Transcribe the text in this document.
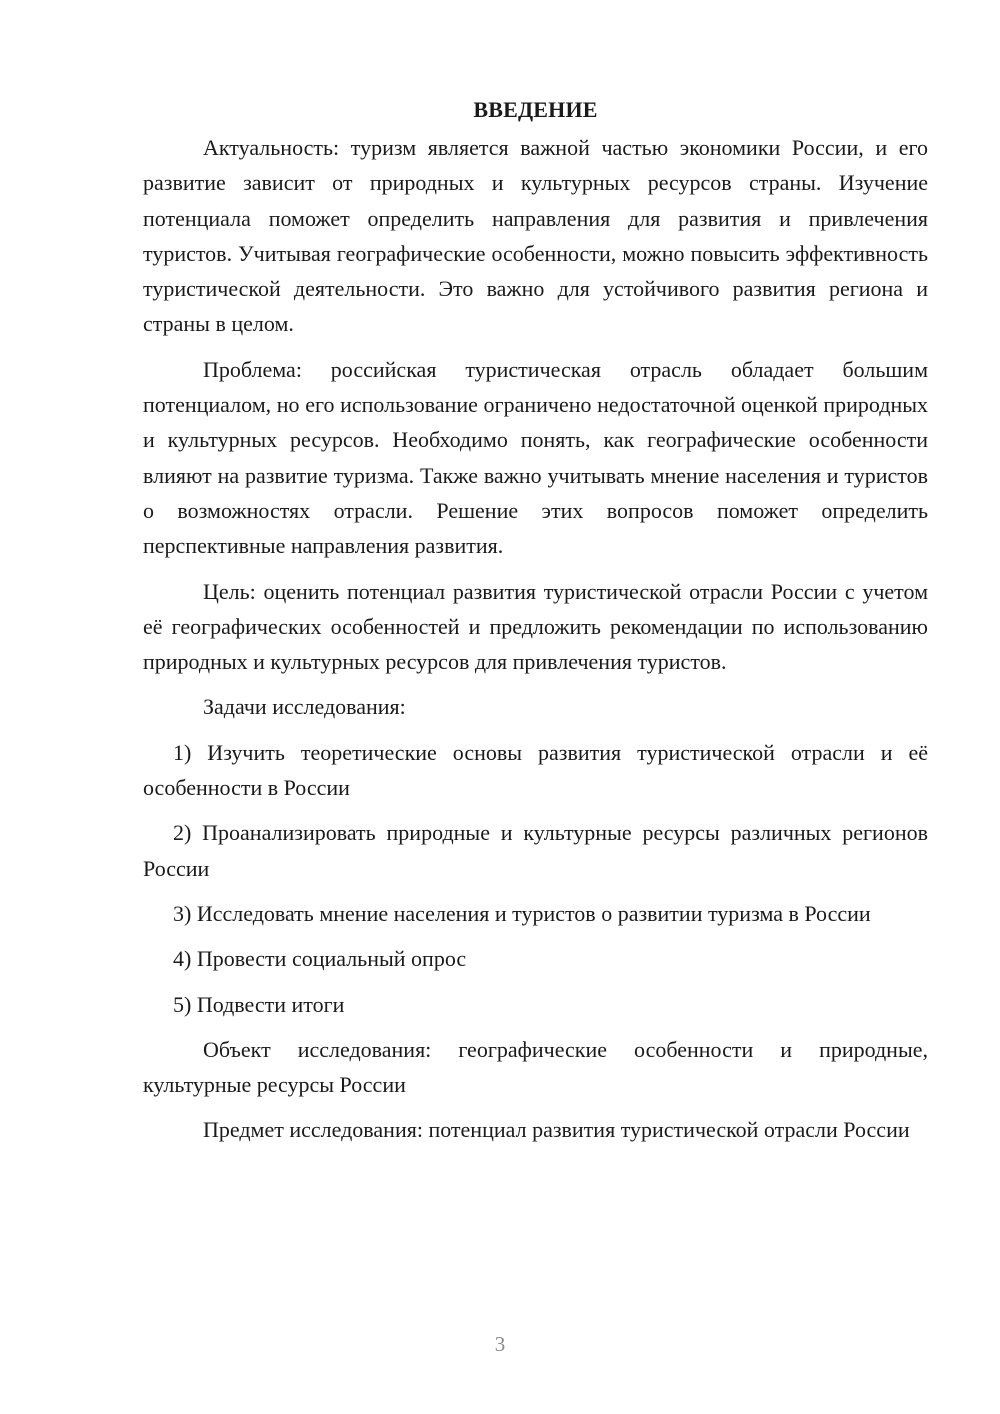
ВВЕДЕНИЕ

Актуальность: туризм является важной частью экономики России, и его развитие зависит от природных и культурных ресурсов страны. Изучение потенциала поможет определить направления для развития и привлечения туристов. Учитывая географические особенности, можно повысить эффективность туристической деятельности. Это важно для устойчивого развития региона и страны в целом.

Проблема: российская туристическая отрасль обладает большим потенциалом, но его использование ограничено недостаточной оценкой природных и культурных ресурсов. Необходимо понять, как географические особенности влияют на развитие туризма. Также важно учитывать мнение населения и туристов о возможностях отрасли. Решение этих вопросов поможет определить перспективные направления развития.

Цель: оценить потенциал развития туристической отрасли России с учетом её географических особенностей и предложить рекомендации по использованию природных и культурных ресурсов для привлечения туристов.

Задачи исследования:

1) Изучить теоретические основы развития туристической отрасли и её особенности в России

2) Проанализировать природные и культурные ресурсы различных регионов России

3) Исследовать мнение населения и туристов о развитии туризма в России

4) Провести социальный опрос

5) Подвести итоги

Объект исследования: географические особенности и природные, культурные ресурсы России

Предмет исследования: потенциал развития туристической отрасли России

3
